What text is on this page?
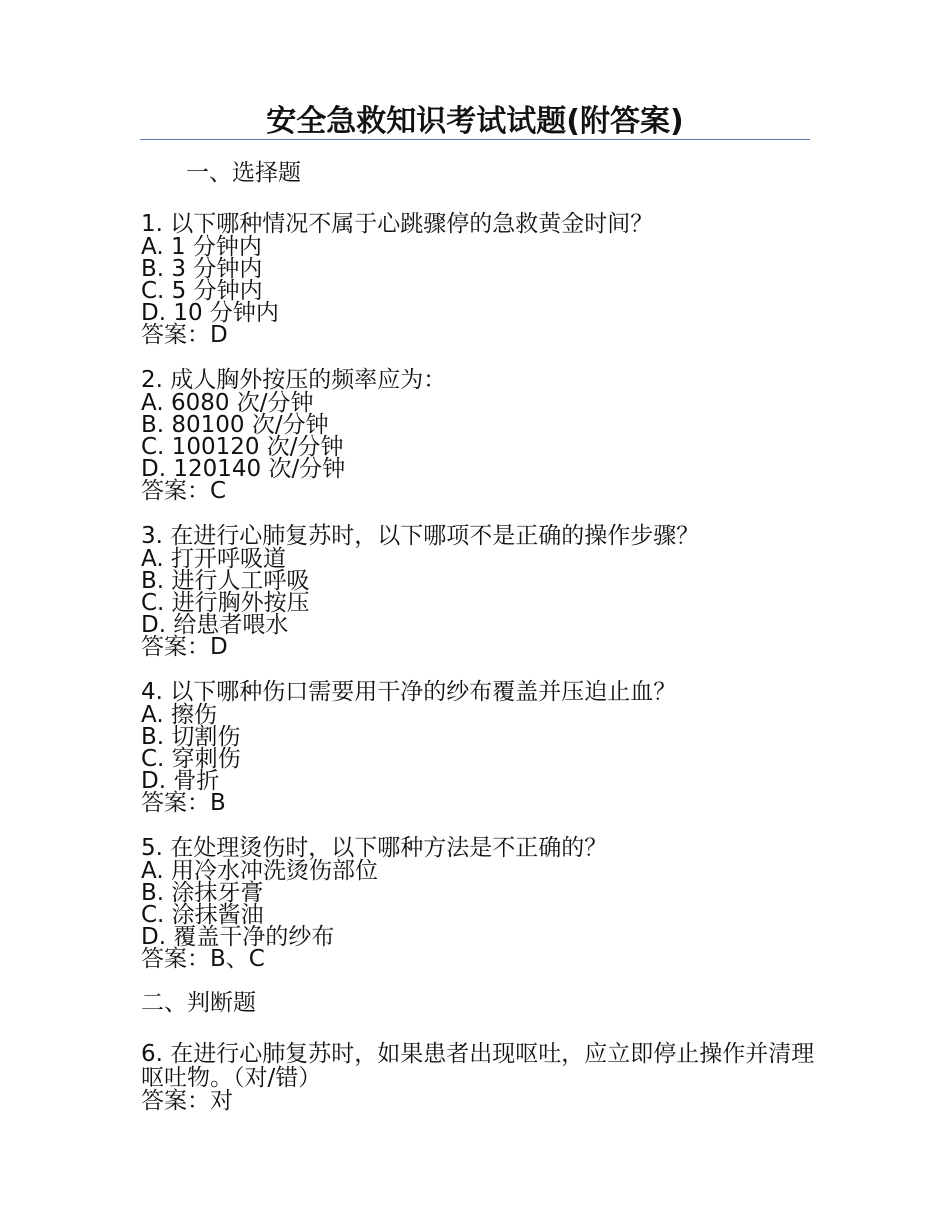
安全急救知识考试试题(附答案)
一、选择题
1. 以下哪种情况不属于心跳骤停的急救黄金时间？
A. 1 分钟内
B. 3 分钟内
C. 5 分钟内
D. 10 分钟内
答案：D
2. 成人胸外按压的频率应为：
A. 6080 次/分钟
B. 80100 次/分钟
C. 100120 次/分钟
D. 120140 次/分钟
答案：C
3. 在进行心肺复苏时，以下哪项不是正确的操作步骤？
A. 打开呼吸道
B. 进行人工呼吸
C. 进行胸外按压
D. 给患者喂水
答案：D
4. 以下哪种伤口需要用干净的纱布覆盖并压迫止血？
A. 擦伤
B. 切割伤
C. 穿刺伤
D. 骨折
答案：B
5. 在处理烫伤时，以下哪种方法是不正确的？
A. 用冷水冲洗烫伤部位
B. 涂抹牙膏
C. 涂抹酱油
D. 覆盖干净的纱布
答案：B、C
二、判断题
6. 在进行心肺复苏时，如果患者出现呕吐，应立即停止操作并清理呕吐物。（对/错）
答案：对
